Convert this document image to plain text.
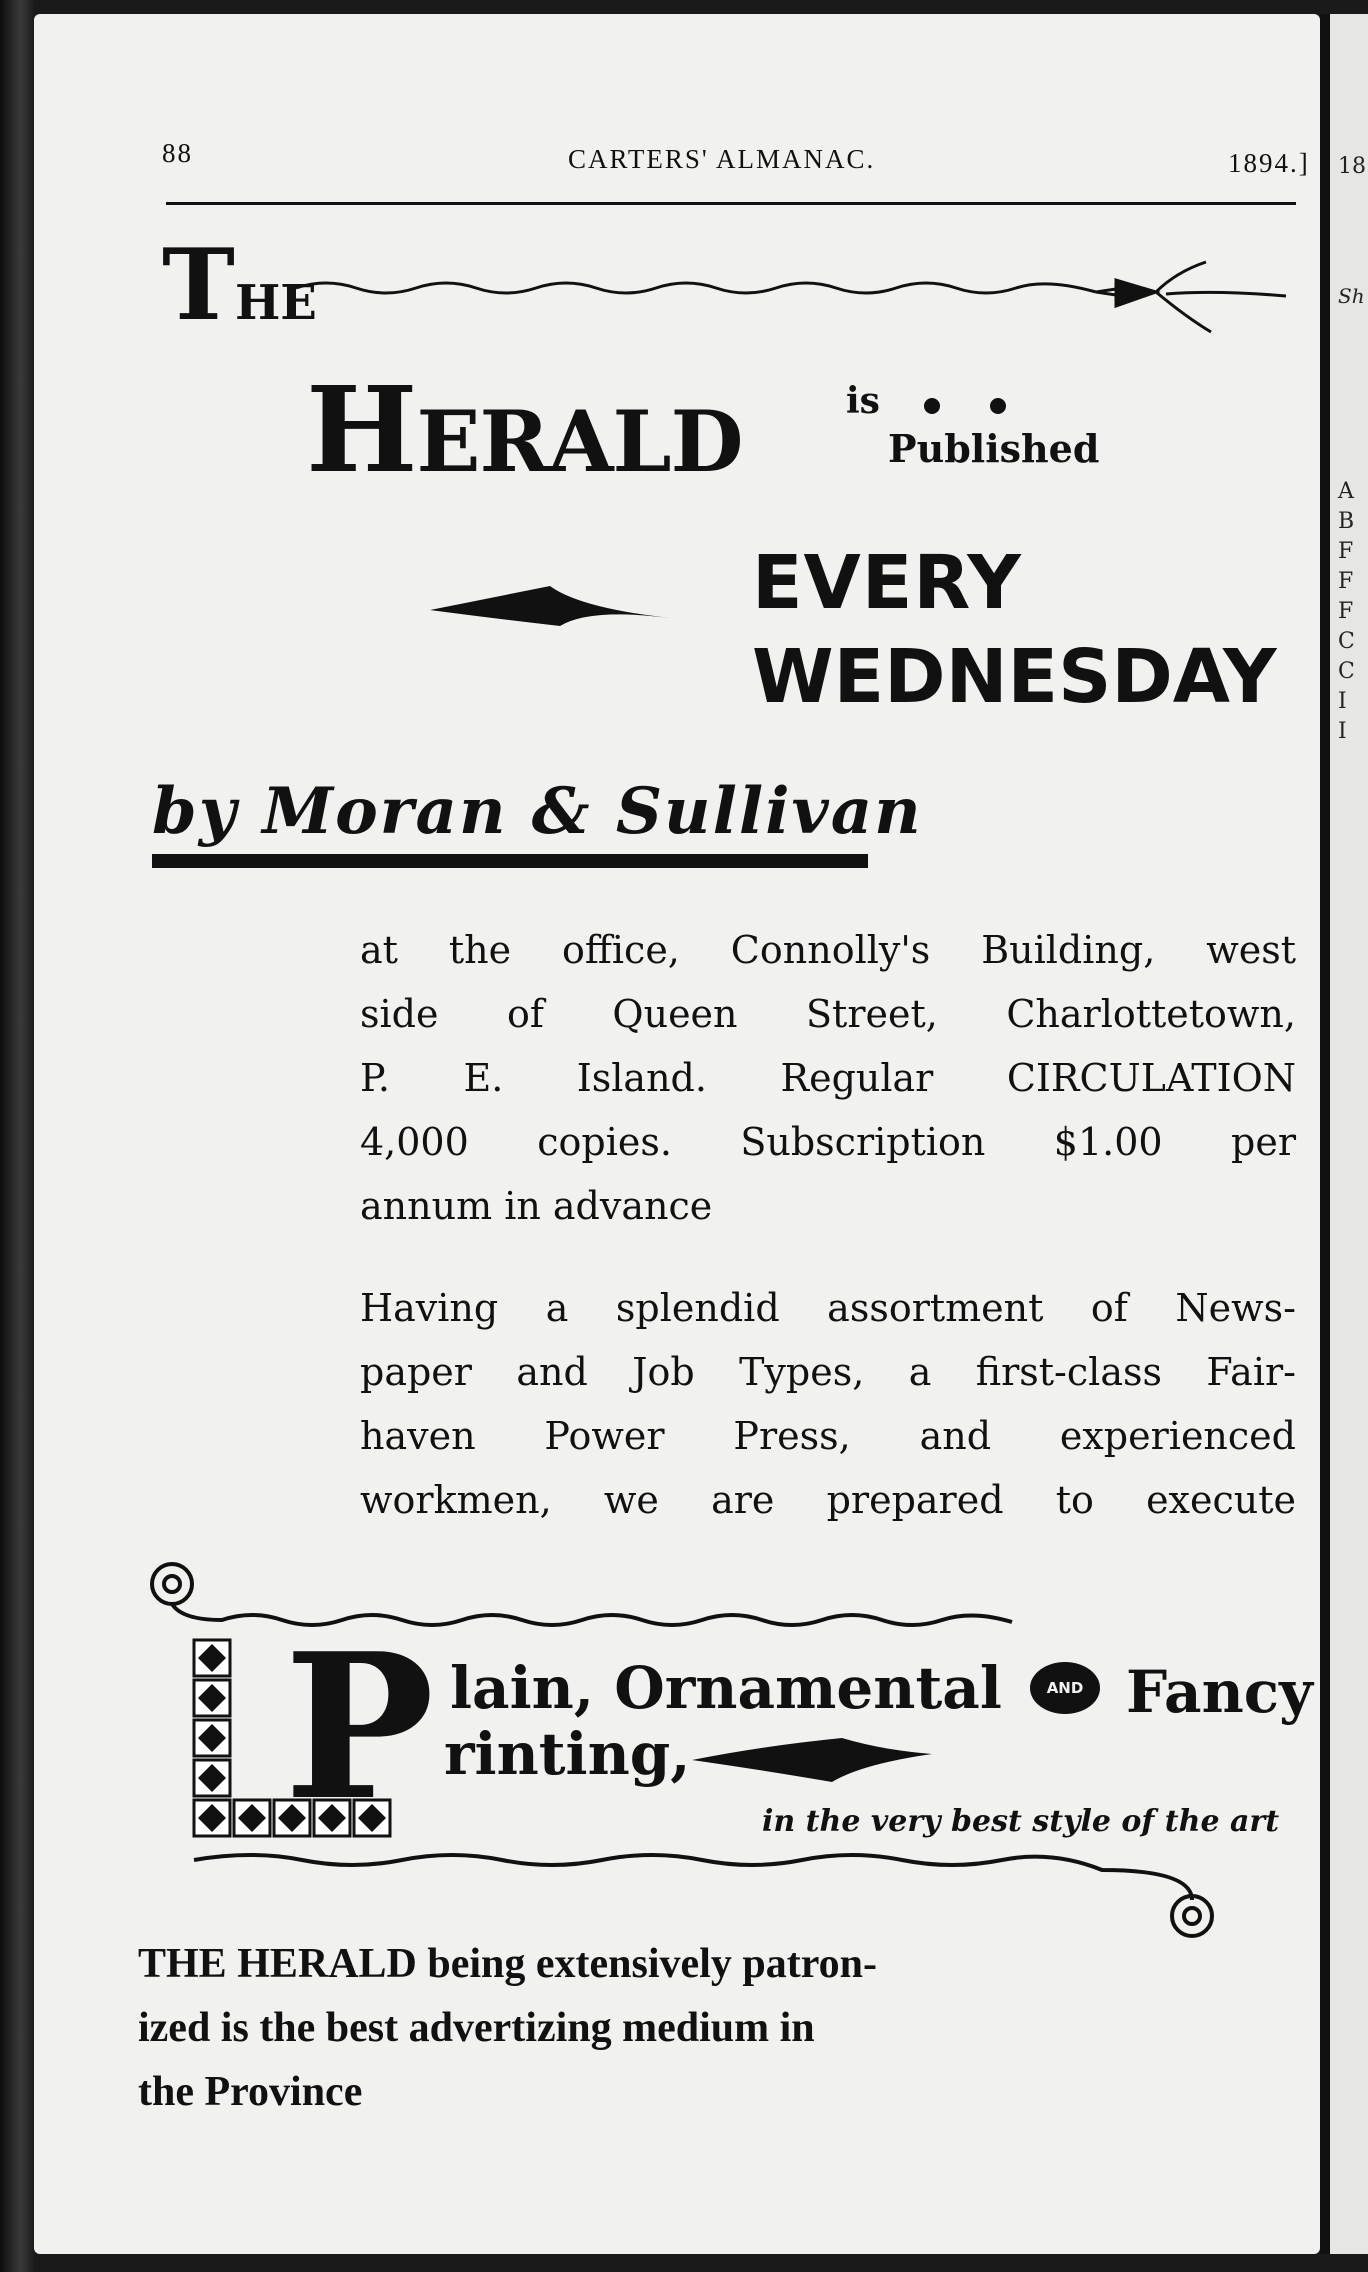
18
Sh
A
B
F
F
F
C
C
I
I
88	CARTERS' ALMANAC.	1894.]
THE
HERALD	is
Published
EVERY
WEDNESDAY
by Moran & Sullivan
at the office, Connolly's Building, west
side of Queen Street, Charlottetown,
P. E. Island. Regular CIRCULATION
4,000 copies. Subscription $1.00 per
annum in advance
Having a splendid assortment of News-
paper and Job Types, a first-class Fair-
haven Power Press, and experienced
workmen, we are prepared to execute
P lain, Ornamental	AND Fancy
rinting,
in the very best style of the art
THE HERALD being extensively patron-
ized is the best advertizing medium in
the Province
